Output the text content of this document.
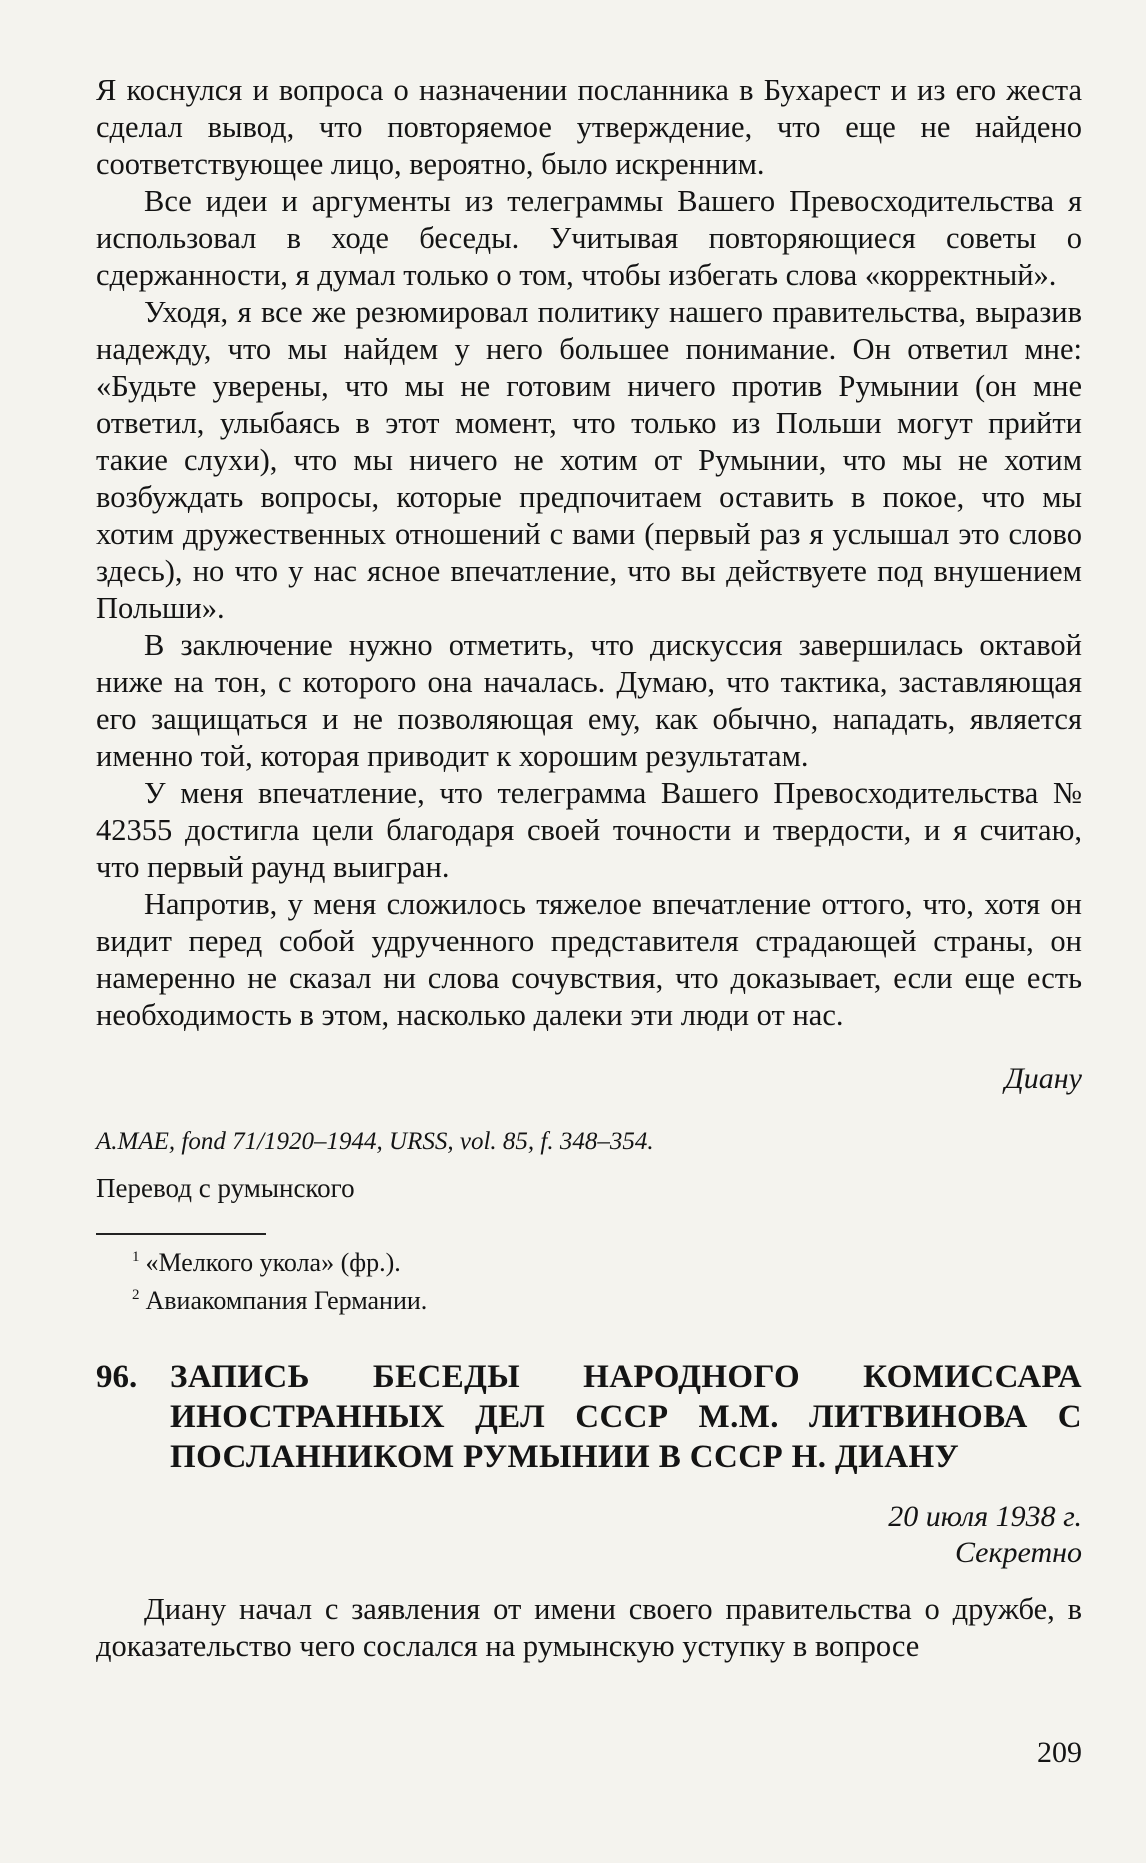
Я коснулся и вопроса о назначении посланника в Бухарест и из его жеста сделал вывод, что повторяемое утверждение, что еще не найдено соответствующее лицо, вероятно, было искренним.

Все идеи и аргументы из телеграммы Вашего Превосходительства я использовал в ходе беседы. Учитывая повторяющиеся советы о сдержанности, я думал только о том, чтобы избегать слова «корректный».

Уходя, я все же резюмировал политику нашего правительства, выразив надежду, что мы найдем у него большее понимание. Он ответил мне: «Будьте уверены, что мы не готовим ничего против Румынии (он мне ответил, улыбаясь в этот момент, что только из Польши могут прийти такие слухи), что мы ничего не хотим от Румынии, что мы не хотим возбуждать вопросы, которые предпочитаем оставить в покое, что мы хотим дружественных отношений с вами (первый раз я услышал это слово здесь), но что у нас ясное впечатление, что вы действуете под внушением Польши».

В заключение нужно отметить, что дискуссия завершилась октавой ниже на тон, с которого она началась. Думаю, что тактика, заставляющая его защищаться и не позволяющая ему, как обычно, нападать, является именно той, которая приводит к хорошим результатам.

У меня впечатление, что телеграмма Вашего Превосходительства № 42355 достигла цели благодаря своей точности и твердости, и я считаю, что первый раунд выигран.

Напротив, у меня сложилось тяжелое впечатление оттого, что, хотя он видит перед собой удрученного представителя страдающей страны, он намеренно не сказал ни слова сочувствия, что доказывает, если еще есть необходимость в этом, насколько далеки эти люди от нас.

Диану

A.MAE, fond 71/1920–1944, URSS, vol. 85, f. 348–354.

Перевод с румынского

$^1$ «Мелкого укола» (фр.).

$^2$ Авиакомпания Германии.

96. ЗАПИСЬ БЕСЕДЫ НАРОДНОГО КОМИССАРА ИНОСТРАННЫХ ДЕЛ СССР М.М. ЛИТВИНОВА С ПОСЛАННИКОМ РУМЫНИИ В СССР Н. ДИАНУ

20 июля 1938 г.

Секретно

Диану начал с заявления от имени своего правительства о дружбе, в доказательство чего сослался на румынскую уступку в вопросе

209
